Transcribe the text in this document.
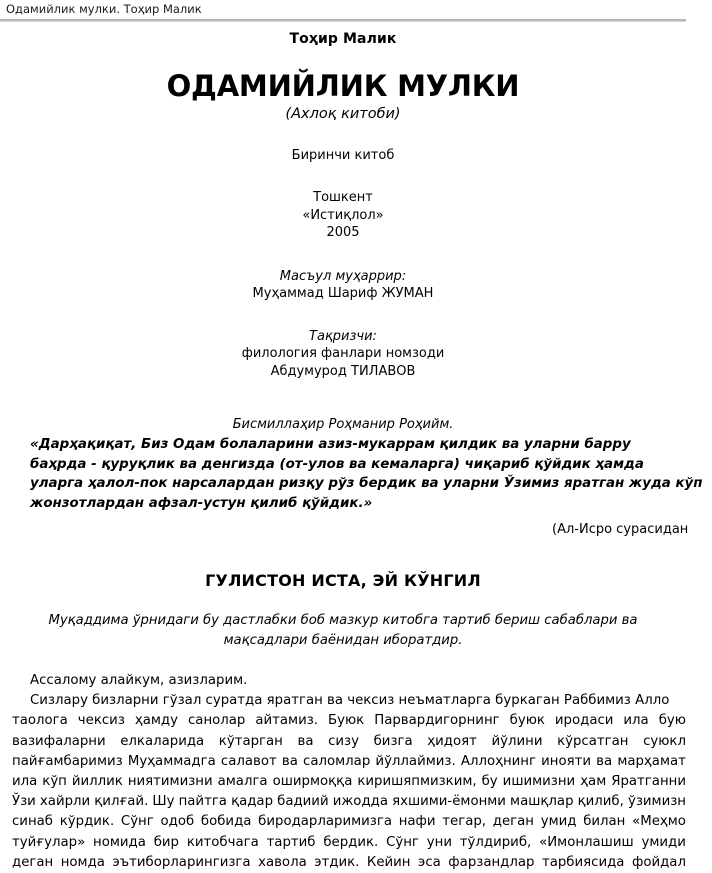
Одамийлик мулки. Тоҳир Малик

Тоҳир Малик

ОДАМИЙЛИК МУЛКИ

(Ахлоқ китоби)

Биринчи китоб

Тошкент
«Истиқлол»
2005
Масъул муҳаррир:
Муҳаммад Шариф ЖУМАН
Тақризчи:
филология фанлари номзоди
Абдумурод ТИЛАВОВ

Бисмиллаҳир Роҳманир Роҳийм.

«Дарҳақиқат, Биз Одам болаларини азиз-мукаррам қилдик ва уларни барру
баҳрда - қуруқлик ва денгизда (от-улов ва кемаларга) чиқариб қўйдик ҳамда
уларга ҳалол-пок нарсалардан ризқу рўз бердик ва уларни Ўзимиз яратган жуда кўп
жонзотлардан афзал-устун қилиб қўйдик.»

(Ал-Исро сурасидан

ГУЛИСТОН ИСТА, ЭЙ КЎНГИЛ
Муқаддима ўрнидаги бу дастлабки боб мазкур китобга тартиб бериш сабаблари ва
мақсадлари баёнидан иборатдир.
Ассалому алайкум, азизларим.
Сизлару бизларни гўзал суратда яратган ва чексиз неъматларга буркаган Раббимиз Алло
таолога чексиз ҳамду санолар айтамиз. Буюк Парвардигорнинг буюк иродаси ила бую
вазифаларни елкаларида кўтарган ва сизу бизга ҳидоят йўлини кўрсатган суюкл
пайғамбаримиз Муҳаммадга салавот ва саломлар йўллаймиз. Аллоҳнинг инояти ва марҳамат
ила кўп йиллик ниятимизни амалга оширмоққа киришяпмизким, бу ишимизни ҳам Яратганни
Ўзи хайрли қилғай. Шу пайтга қадар бадиий ижодда яхшими-ёмонми машқлар қилиб, ўзимизн
синаб кўрдик. Сўнг одоб бобида биродарларимизга нафи тегар, деган умид билан «Меҳмо
туйғулар» номида бир китобчага тартиб бердик. Сўнг уни тўлдириб, «Имонлашиш умиди
деган номда эътиборларингизга хавола этдик. Кейин эса фарзандлар тарбиясида фойдал
